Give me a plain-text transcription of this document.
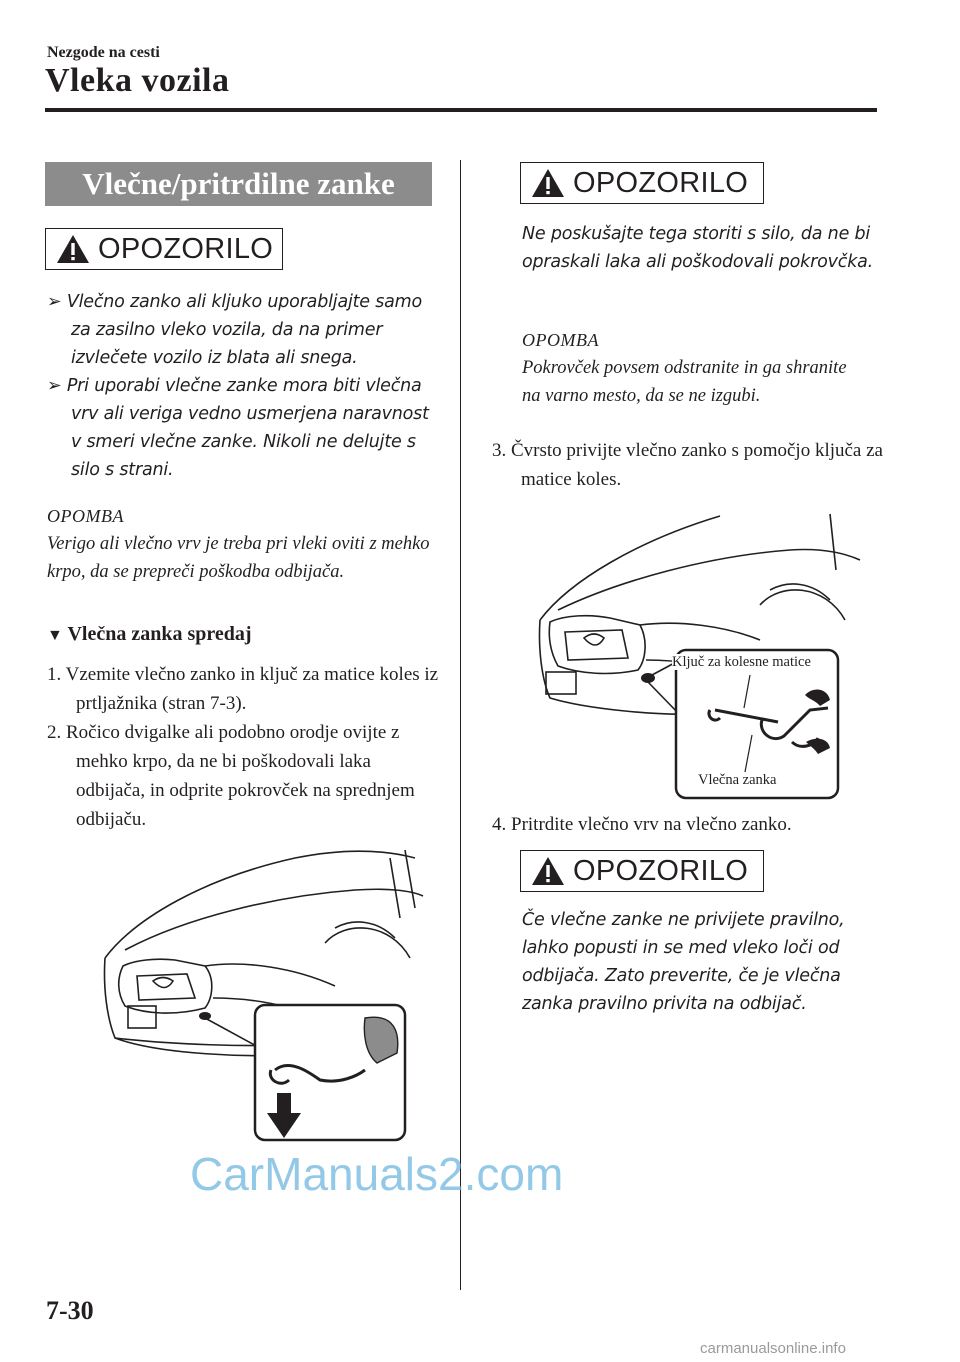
Nezgode na cesti
Vleka vozila
Vlečne/pritrdilne zanke
OPOZORILO
➢ Vlečno zanko ali kljuko uporabljajte samo za zasilno vleko vozila, da na primer izvlečete vozilo iz blata ali snega.
➢ Pri uporabi vlečne zanke mora biti vlečna vrv ali veriga vedno usmerjena naravnost v smeri vlečne zanke. Nikoli ne delujte s silo s strani.
OPOMBA
Verigo ali vlečno vrv je treba pri vleki oviti z mehko krpo, da se prepreči poškodba odbijača.
▼ Vlečna zanka spredaj
1. Vzemite vlečno zanko in ključ za matice koles iz prtljažnika (stran 7-3).
2. Ročico dvigalke ali podobno orodje ovijte z mehko krpo, da ne bi poškodovali laka odbijača, in odprite pokrovček na sprednjem odbijaču.
OPOZORILO
Ne poskušajte tega storiti s silo, da ne bi opraskali laka ali poškodovali pokrovčka.
OPOMBA
Pokrovček povsem odstranite in ga shranite na varno mesto, da se ne izgubi.
3. Čvrsto privijte vlečno zanko s pomočjo ključa za matice koles.
Ključ za kolesne matice
Vlečna zanka
4. Pritrdite vlečno vrv na vlečno zanko.
OPOZORILO
Če vlečne zanke ne privijete pravilno, lahko popusti in se med vleko loči od odbijača. Zato preverite, če je vlečna zanka pravilno privita na odbijač.
CarManuals2.com
7-30
carmanualsonline.info
